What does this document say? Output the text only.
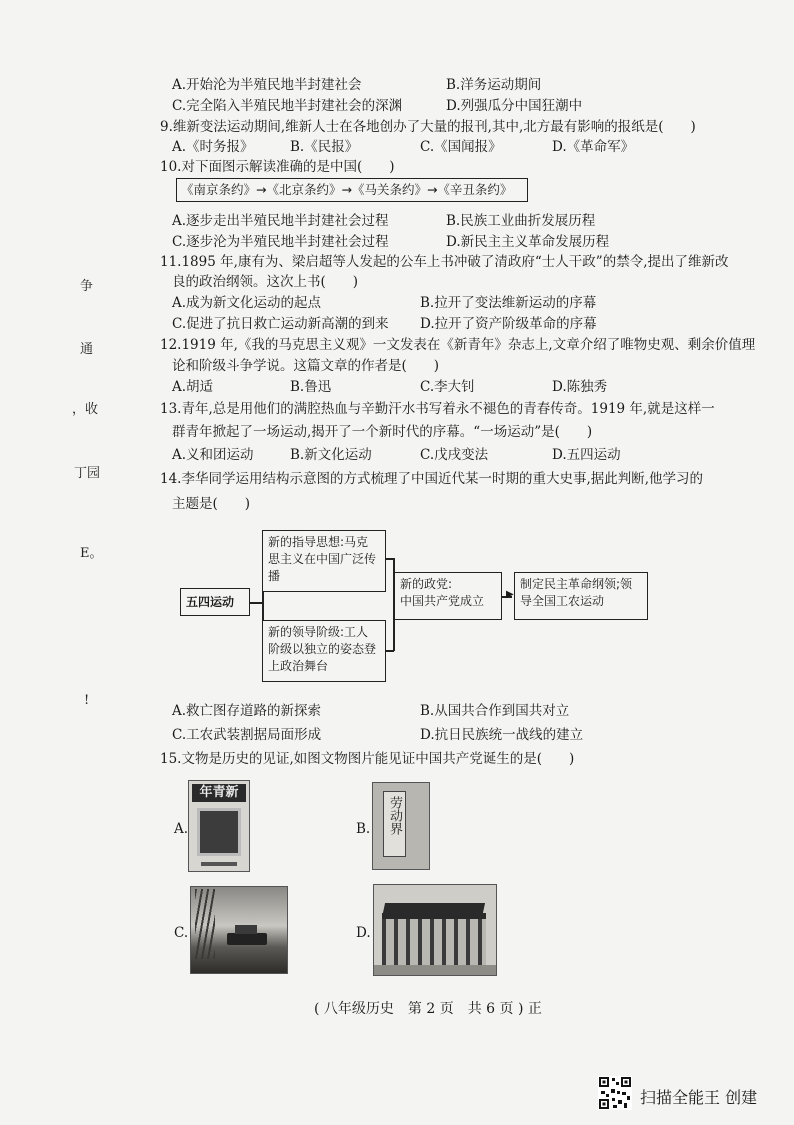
争
通
，收
丁园
E。
!
A.开始沦为半殖民地半封建社会	B.洋务运动期间
C.完全陷入半殖民地半封建社会的深渊	D.列强瓜分中国狂潮中
9.维新变法运动期间,维新人士在各地创办了大量的报刊,其中,北方最有影响的报纸是(　　)
A.《时务报》	B.《民报》	C.《国闻报》	D.《革命军》
10.对下面图示解读准确的是中国(　　)
《南京条约》→《北京条约》→《马关条约》→《辛丑条约》
A.逐步走出半殖民地半封建社会过程	B.民族工业曲折发展历程
C.逐步沦为半殖民地半封建社会过程	D.新民主主义革命发展历程
11.1895 年,康有为、梁启超等人发起的公车上书冲破了清政府“士人干政”的禁令,提出了维新改
良的政治纲领。这次上书(　　)
A.成为新文化运动的起点	B.拉开了变法维新运动的序幕
C.促进了抗日救亡运动新高潮的到来 D.拉开了资产阶级革命的序幕
12.1919 年,《我的马克思主义观》一文发表在《新青年》杂志上,文章介绍了唯物史观、剩余价值理
论和阶级斗争学说。这篇文章的作者是(　　)
A.胡适	B.鲁迅	C.李大钊	D.陈独秀
13.青年,总是用他们的满腔热血与辛勤汗水书写着永不褪色的青春传奇。1919 年,就是这样一
群青年掀起了一场运动,揭开了一个新时代的序幕。“一场运动”是(　　)
A.义和团运动	B.新文化运动	C.戊戌变法	D.五四运动
14.李华同学运用结构示意图的方式梳理了中国近代某一时期的重大史事,据此判断,他学习的
主题是(　　)
五四运动
新的指导思想:马克思主义在中国广泛传播
新的领导阶级:工人阶级以独立的姿态登上政治舞台
新的政党:
中国共产党成立	▶
制定民主革命纲领;领导全国工农运动
A.救亡图存道路的新探索	B.从国共合作到国共对立
C.工农武装割据局面形成	D.抗日民族统一战线的建立
15.文物是历史的见证,如图文物图片能见证中国共产党诞生的是(　　)
A.
年青新
B.	劳动界
C.	D.
( 八年级历史　第 2 页　共 6 页 ) 正
扫描全能王 创建
